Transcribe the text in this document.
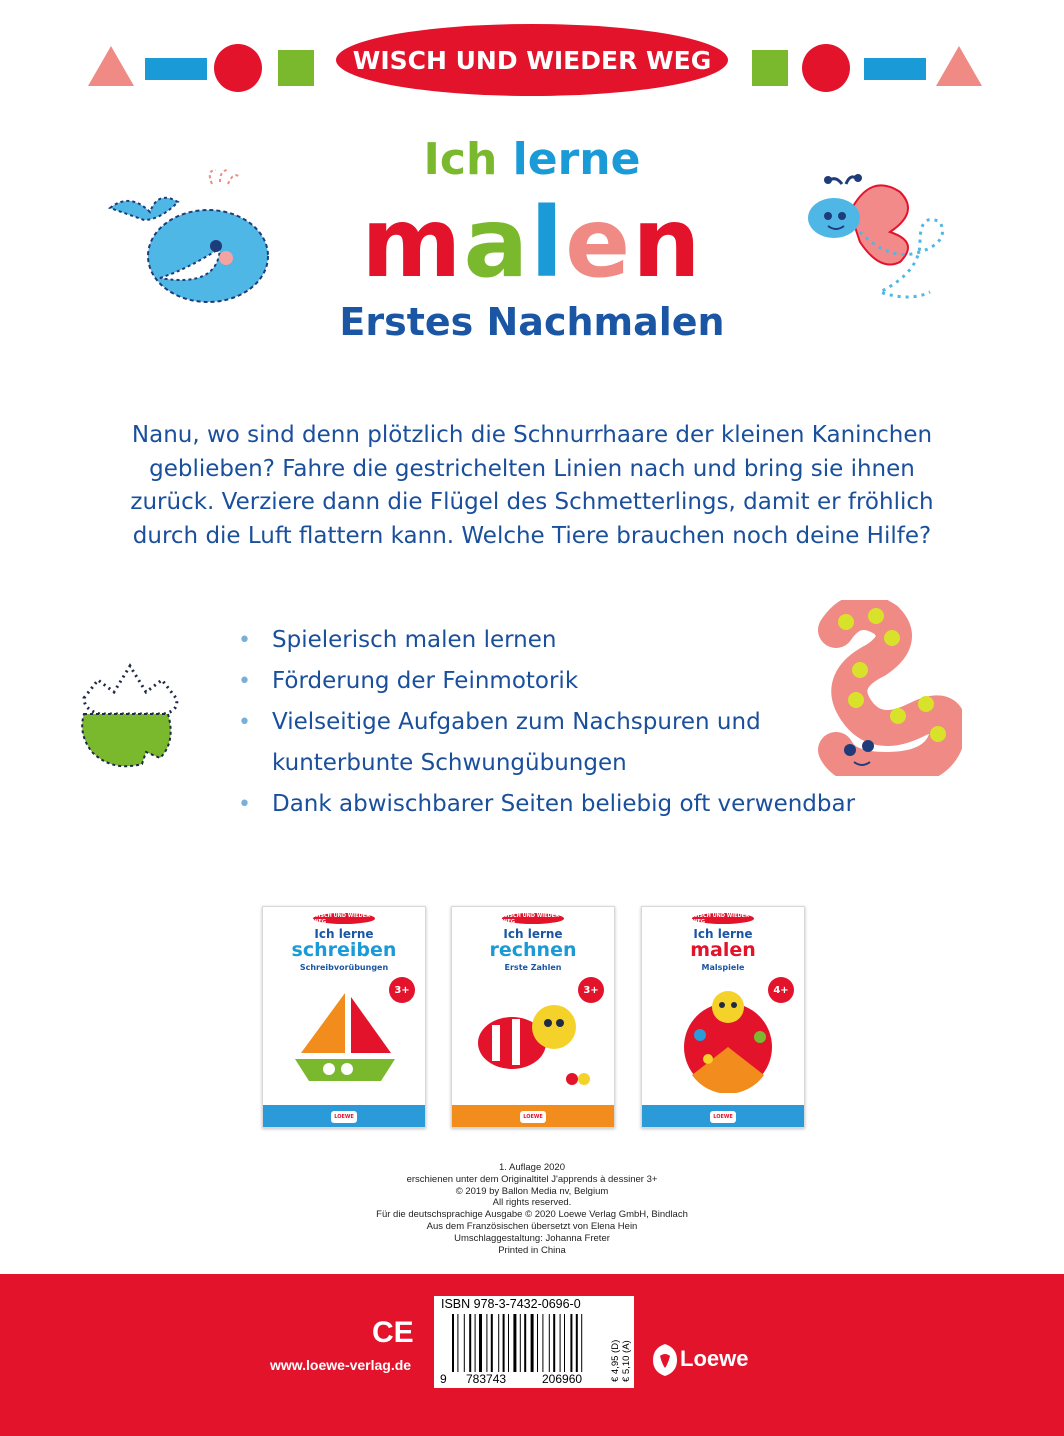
WISCH UND WIEDER WEG
Ich lerne
malen
Erstes Nachmalen
Nanu, wo sind denn plötzlich die Schnurrhaare der kleinen Kaninchen geblieben? Fahre die gestrichelten Linien nach und bring sie ihnen zurück. Verziere dann die Flügel des Schmetterlings, damit er fröhlich durch die Luft flattern kann. Welche Tiere brauchen noch deine Hilfe?
• Spielerisch malen lernen
• Förderung der Feinmotorik
• Vielseitige Aufgaben zum Nachspuren und kunterbunte Schwungübungen
• Dank abwischbarer Seiten beliebig oft verwendbar
WISCH UND WIEDER WEG
Ich lerne
schreiben
Schreibvorübungen
3+
LOEWE
WISCH UND WIEDER WEG
Ich lerne
rechnen
Erste Zahlen
3+
LOEWE
WISCH UND WIEDER WEG
Ich lerne
malen
Malspiele
4+
LOEWE
1. Auflage 2020
erschienen unter dem Originaltitel J'apprends à dessiner 3+
© 2019 by Ballon Media nv, Belgium
All rights reserved.
Für die deutschsprachige Ausgabe © 2020 Loewe Verlag GmbH, Bindlach
Aus dem Französischen übersetzt von Elena Hein
Umschlaggestaltung: Johanna Freter
Printed in China
CE
www.loewe-verlag.de
ISBN 978-3-7432-0696-0
9 783743	206960	€ 4,95 (D) € 5,10 (A) Loewe
